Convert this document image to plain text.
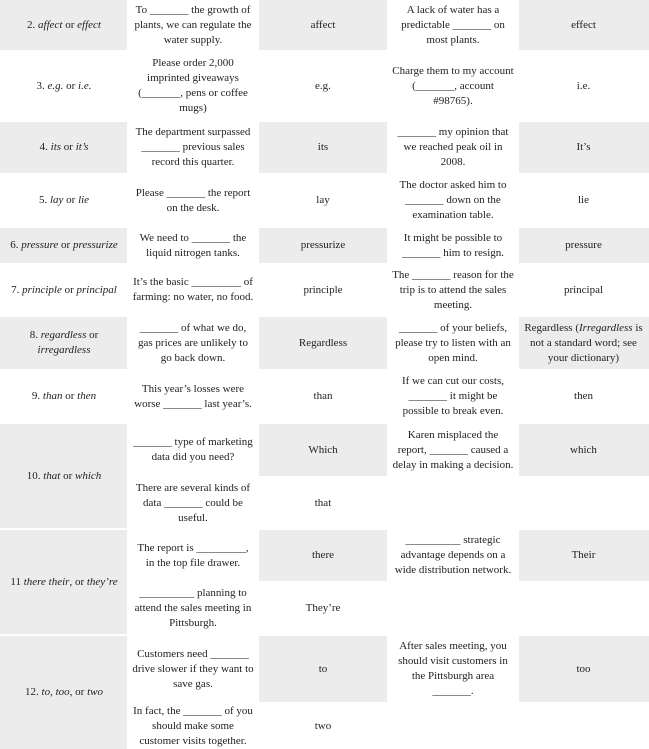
2. affect or effect
To _______ the growth of plants, we can regulate the water supply.
affect
A lack of water has a predictable _______ on most plants.
effect
3. e.g. or i.e.
Please order 2,000 imprinted giveaways (_______, pens or coffee mugs)
e.g.
Charge them to my account (_______, account #98765).
i.e.
4. its or it’s
The department surpassed _______ previous sales record this quarter.
its
_______ my opinion that we reached peak oil in 2008.
It’s
5. lay or lie
Please _______ the report on the desk.
lay
The doctor asked him to _______ down on the examination table.
lie
6. pressure or pressurize
We need to _______ the liquid nitrogen tanks.
pressurize
It might be possible to _______ him to resign.
pressure
7. principle or principal
It’s the basic _________ of farming: no water, no food.
principle
The _______ reason for the trip is to attend the sales meeting.
principal
8. regardless or irregardless
_______ of what we do, gas prices are unlikely to go back down.
Regardless
_______ of your beliefs, please try to listen with an open mind.
Regardless (Irregardless is not a standard word; see your dictionary)
9. than or then
This year’s losses were worse _______ last year’s.
than
If we can cut our costs, _______ it might be possible to break even.
then
10. that or which
_______ type of marketing data did you need?
Which
Karen misplaced the report, _______ caused a delay in making a decision.
which
There are several kinds of data _______ could be useful.
that
11 there their, or they’re
The report is _________, in the top file drawer.
there
__________ strategic advantage depends on a wide distribution network.
Their
__________ planning to attend the sales meeting in Pittsburgh.
They’re
12. to, too, or two
Customers need _______ drive slower if they want to save gas.
to
After sales meeting, you should visit customers in the Pittsburgh area _______.
too
In fact, the _______ of you should make some customer visits together.
two
